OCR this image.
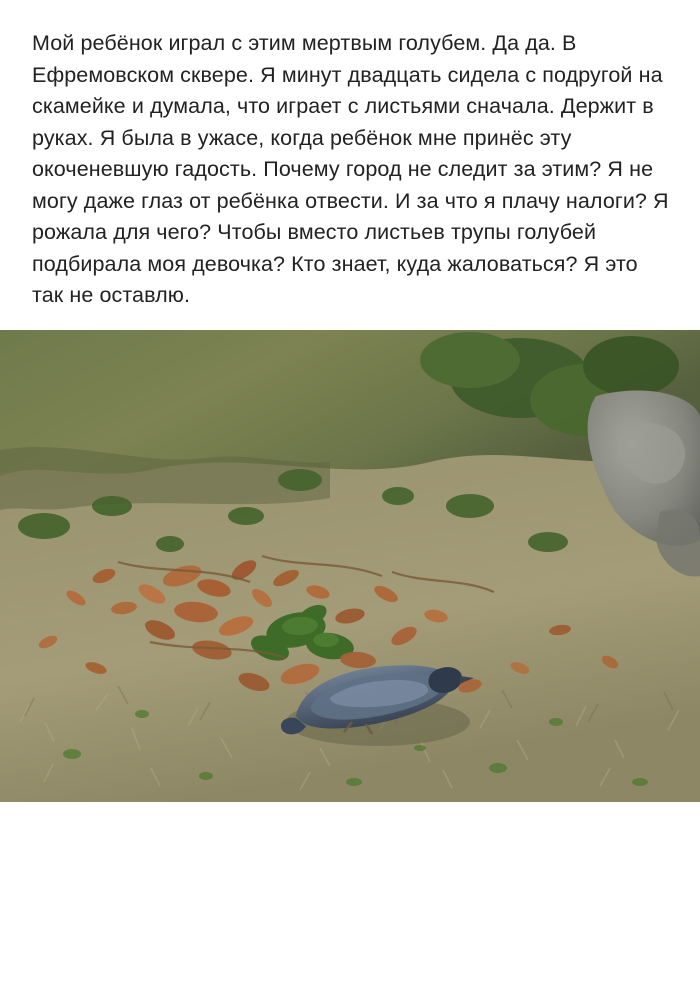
Мой ребёнок играл с этим мертвым голубем. Да да. В Ефремовском сквере. Я минут двадцать сидела с подругой на скамейке и думала, что играет с листьями сначала. Держит в руках. Я была в ужасе, когда ребёнок мне принёс эту окоченевшую гадость. Почему город не следит за этим? Я не могу даже глаз от ребёнка отвести. И за что я плачу налоги? Я рожала для чего? Чтобы вместо листьев трупы голубей подбирала моя девочка? Кто знает, куда жаловаться? Я это так не оставлю.
